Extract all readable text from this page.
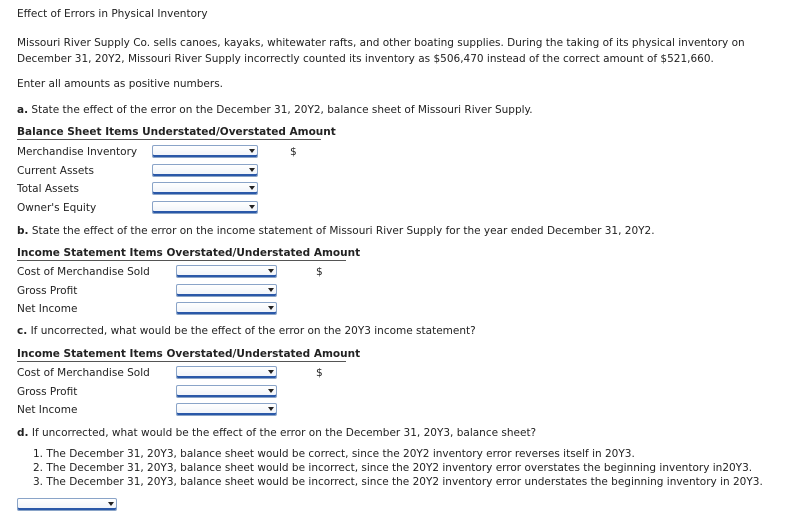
Effect of Errors in Physical Inventory
Missouri River Supply Co. sells canoes, kayaks, whitewater rafts, and other boating supplies. During the taking of its physical inventory on December 31, 20Y2, Missouri River Supply incorrectly counted its inventory as $506,470 instead of the correct amount of $521,660.
Enter all amounts as positive numbers.
a. State the effect of the error on the December 31, 20Y2, balance sheet of Missouri River Supply.
Balance Sheet Items Understated/Overstated Amount
Merchandise Inventory	$
Current Assets
Total Assets
Owner's Equity
b. State the effect of the error on the income statement of Missouri River Supply for the year ended December 31, 20Y2.
Income Statement Items Overstated/Understated Amount
Cost of Merchandise Sold	$
Gross Profit
Net Income
c. If uncorrected, what would be the effect of the error on the 20Y3 income statement?
Income Statement Items Overstated/Understated Amount
Cost of Merchandise Sold	$
Gross Profit
Net Income
d. If uncorrected, what would be the effect of the error on the December 31, 20Y3, balance sheet?
1. The December 31, 20Y3, balance sheet would be correct, since the 20Y2 inventory error reverses itself in 20Y3.
2. The December 31, 20Y3, balance sheet would be incorrect, since the 20Y2 inventory error overstates the beginning inventory in20Y3.
3. The December 31, 20Y3, balance sheet would be incorrect, since the 20Y2 inventory error understates the beginning inventory in 20Y3.
